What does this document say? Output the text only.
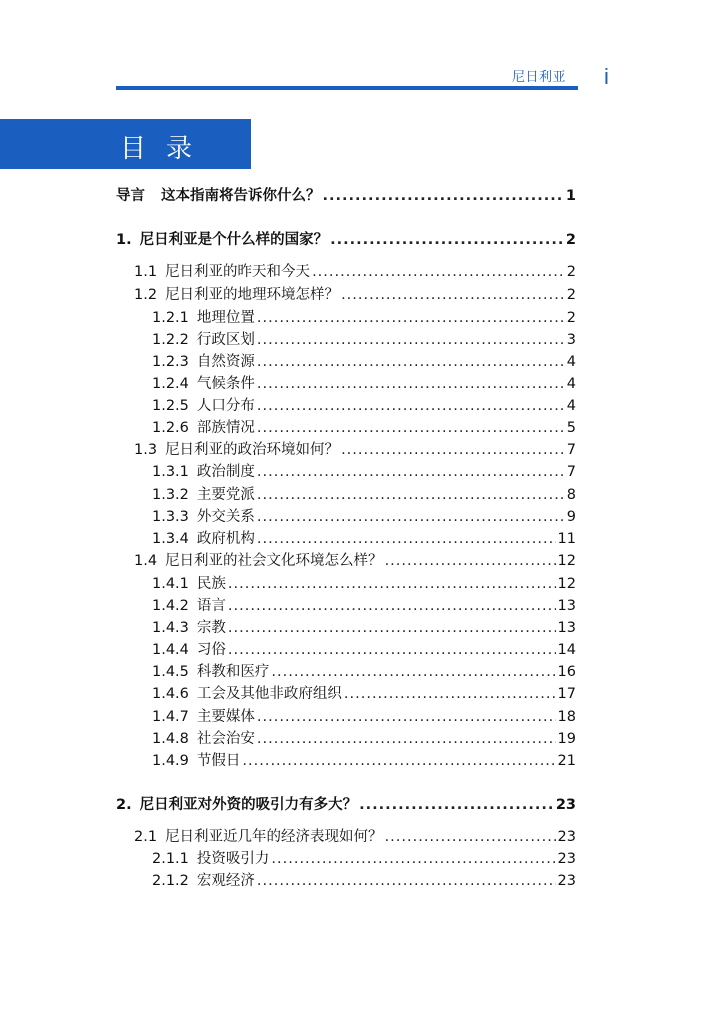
尼日利亚 i
目录
导言 这本指南将告诉你什么？ .....	1
1. 尼日利亚是个什么样的国家？ .....	2
1.1 尼日利亚的昨天和今天 .....	2
1.2 尼日利亚的地理环境怎样？ .....	2
1.2.1 地理位置 .....	2
1.2.2 行政区划 .....	3
1.2.3 自然资源 .....	4
1.2.4 气候条件 .....	4
1.2.5 人口分布 .....	4
1.2.6 部族情况 .....	5
1.3 尼日利亚的政治环境如何？ .....	7
1.3.1 政治制度 .....	7
1.3.2 主要党派 .....	8
1.3.3 外交关系 .....	9
1.3.4 政府机构 .....	11
1.4 尼日利亚的社会文化环境怎么样？ .....	12
1.4.1 民族 .....	12
1.4.2 语言 .....	13
1.4.3 宗教 .....	13
1.4.4 习俗 .....	14
1.4.5 科教和医疗 .....	16
1.4.6 工会及其他非政府组织 .....	17
1.4.7 主要媒体 .....	18
1.4.8 社会治安 .....	19
1.4.9 节假日 .....	21
2. 尼日利亚对外资的吸引力有多大？ .....	23
2.1 尼日利亚近几年的经济表现如何？ .....	23
2.1.1 投资吸引力 .....	23
2.1.2 宏观经济 .....	23
